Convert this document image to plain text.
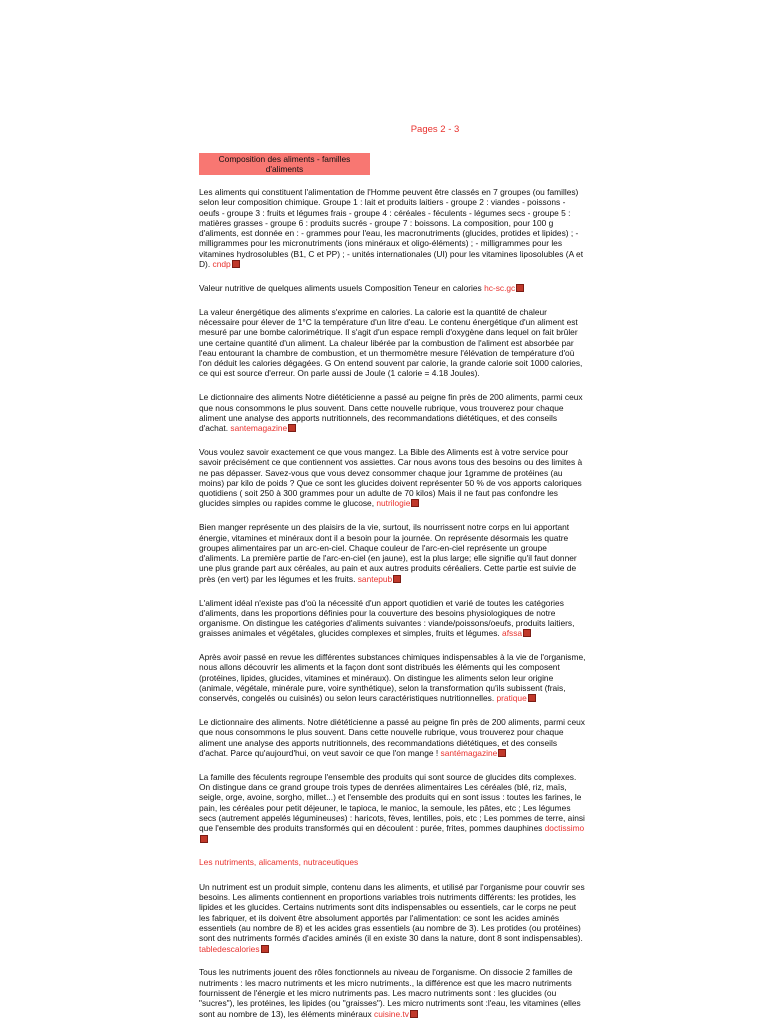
Pages 2 - 3
Composition des aliments - familles d'aliments

Les aliments qui constituent l'alimentation de l'Homme peuvent être classés en 7 groupes (ou familles) selon leur composition chimique. Groupe 1 : lait et produits laitiers - groupe 2 : viandes - poissons - oeufs - groupe 3 : fruits et légumes frais - groupe 4 : céréales - féculents - légumes secs - groupe 5 : matières grasses - groupe 6 : produits sucrés - groupe 7 : boissons. La composition, pour 100 g d'aliments, est donnée en : - grammes pour l'eau, les macronutriments (glucides, protides et lipides) ; - milligrammes pour les micronutriments (ions minéraux et oligo-éléments) ; - milligrammes pour les vitamines hydrosolubles (B1, C et PP) ; - unités internationales (UI) pour les vitamines liposolubles (A et D). cndp

Valeur nutritive de quelques aliments usuels Composition Teneur en calories hc-sc.gc

La valeur énergétique des aliments s'exprime en calories. La calorie est la quantité de chaleur nécessaire pour élever de 1°C la température d'un litre d'eau. Le contenu énergétique d'un aliment est mesuré par une bombe calorimétrique. Il s'agit d'un espace rempli d'oxygène dans lequel on fait brûler une certaine quantité d'un aliment. La chaleur libérée par la combustion de l'aliment est absorbée par l'eau entourant la chambre de combustion, et un thermomètre mesure l'élévation de température d'où l'on déduit les calories dégagées. G On entend souvent par calorie, la grande calorie soit 1000 calories, ce qui est source d'erreur. On parle aussi de Joule (1 calorie = 4.18 Joules).

Le dictionnaire des aliments Notre diététicienne a passé au peigne fin près de 200 aliments, parmi ceux que nous consommons le plus souvent. Dans cette nouvelle rubrique, vous trouverez pour chaque aliment une analyse des apports nutritionnels, des recommandations diététiques, et des conseils d'achat. santemagazine

Vous voulez savoir exactement ce que vous mangez. La Bible des Aliments est à votre service pour savoir précisément ce que contiennent vos assiettes. Car nous avons tous des besoins ou des limites à ne pas dépasser. Savez-vous que vous devez consommer chaque jour 1gramme de protéines (au moins) par kilo de poids ? Que ce sont les glucides doivent représenter 50 % de vos apports caloriques quotidiens ( soit 250 à 300 grammes pour un adulte de 70 kilos) Mais il ne faut pas confondre les glucides simples ou rapides comme le glucose, nutrilogie

Bien manger représente un des plaisirs de la vie, surtout, ils nourrissent notre corps en lui apportant énergie, vitamines et minéraux dont il a besoin pour la journée. On représente désormais les quatre groupes alimentaires par un arc-en-ciel. Chaque couleur de l'arc-en-ciel représente un groupe d'aliments. La première partie de l'arc-en-ciel (en jaune), est la plus large; elle signifie qu'il faut donner une plus grande part aux céréales, au pain et aux autres produits céréaliers. Cette partie est suivie de près (en vert) par les légumes et les fruits. santepub

L'aliment idéal n'existe pas d'où la nécessité d'un apport quotidien et varié de toutes les catégories d'aliments, dans les proportions définies pour la couverture des besoins physiologiques de notre organisme. On distingue les catégories d'aliments suivantes : viande/poissons/oeufs, produits laitiers, graisses animales et végétales, glucides complexes et simples, fruits et légumes. afssa

Après avoir passé en revue les différentes substances chimiques indispensables à la vie de l'organisme, nous allons découvrir les aliments et la façon dont sont distribués les éléments qui les composent (protéines, lipides, glucides, vitamines et minéraux). On distingue les aliments selon leur origine (animale, végétale, minérale pure, voire synthétique), selon la transformation qu'ils subissent (frais, conservés, congelés ou cuisinés) ou selon leurs caractéristiques nutritionnelles. pratique

Le dictionnaire des aliments. Notre diététicienne a passé au peigne fin près de 200 aliments, parmi ceux que nous consommons le plus souvent. Dans cette nouvelle rubrique, vous trouverez pour chaque aliment une analyse des apports nutritionnels, des recommandations diététiques, et des conseils d'achat. Parce qu'aujourd'hui, on veut savoir ce que l'on mange ! santémagazine

La famille des féculents regroupe l'ensemble des produits qui sont source de glucides dits complexes. On distingue dans ce grand groupe trois types de denrées alimentaires Les céréales (blé, riz, maïs, seigle, orge, avoine, sorgho, millet...) et l'ensemble des produits qui en sont issus : toutes les farines, le pain, les céréales pour petit déjeuner, le tapioca, le manioc, la semoule, les pâtes, etc ; Les légumes secs (autrement appelés légumineuses) : haricots, fèves, lentilles, pois, etc ; Les pommes de terre, ainsi que l'ensemble des produits transformés qui en découlent : purée, frites, pommes dauphines doctissimo

Les nutriments, alicaments, nutraceutiques

Un nutriment est un produit simple, contenu dans les aliments, et utilisé par l'organisme pour couvrir ses besoins. Les aliments contiennent en proportions variables trois nutriments différents: les protides, les lipides et les glucides. Certains nutriments sont dits indispensables ou essentiels, car le corps ne peut les fabriquer, et ils doivent être absolument apportés par l'alimentation: ce sont les acides aminés essentiels (au nombre de 8) et les acides gras essentiels (au nombre de 3). Les protides (ou protéines) sont des nutriments formés d'acides aminés (il en existe 30 dans la nature, dont 8 sont indispensables). tabledescalories

Tous les nutriments jouent des rôles fonctionnels au niveau de l'organisme. On dissocie 2 familles de nutriments : les macro nutriments et les micro nutriments., la différence est que les macro nutriments fournissent de l'énergie et les micro nutriments pas. Les macro nutriments sont : les glucides (ou "sucres"), les protéines, les lipides (ou "graisses"). Les micro nutriments sont :l'eau, les vitamines (elles sont au nombre de 13), les éléments minéraux cuisine.tv
